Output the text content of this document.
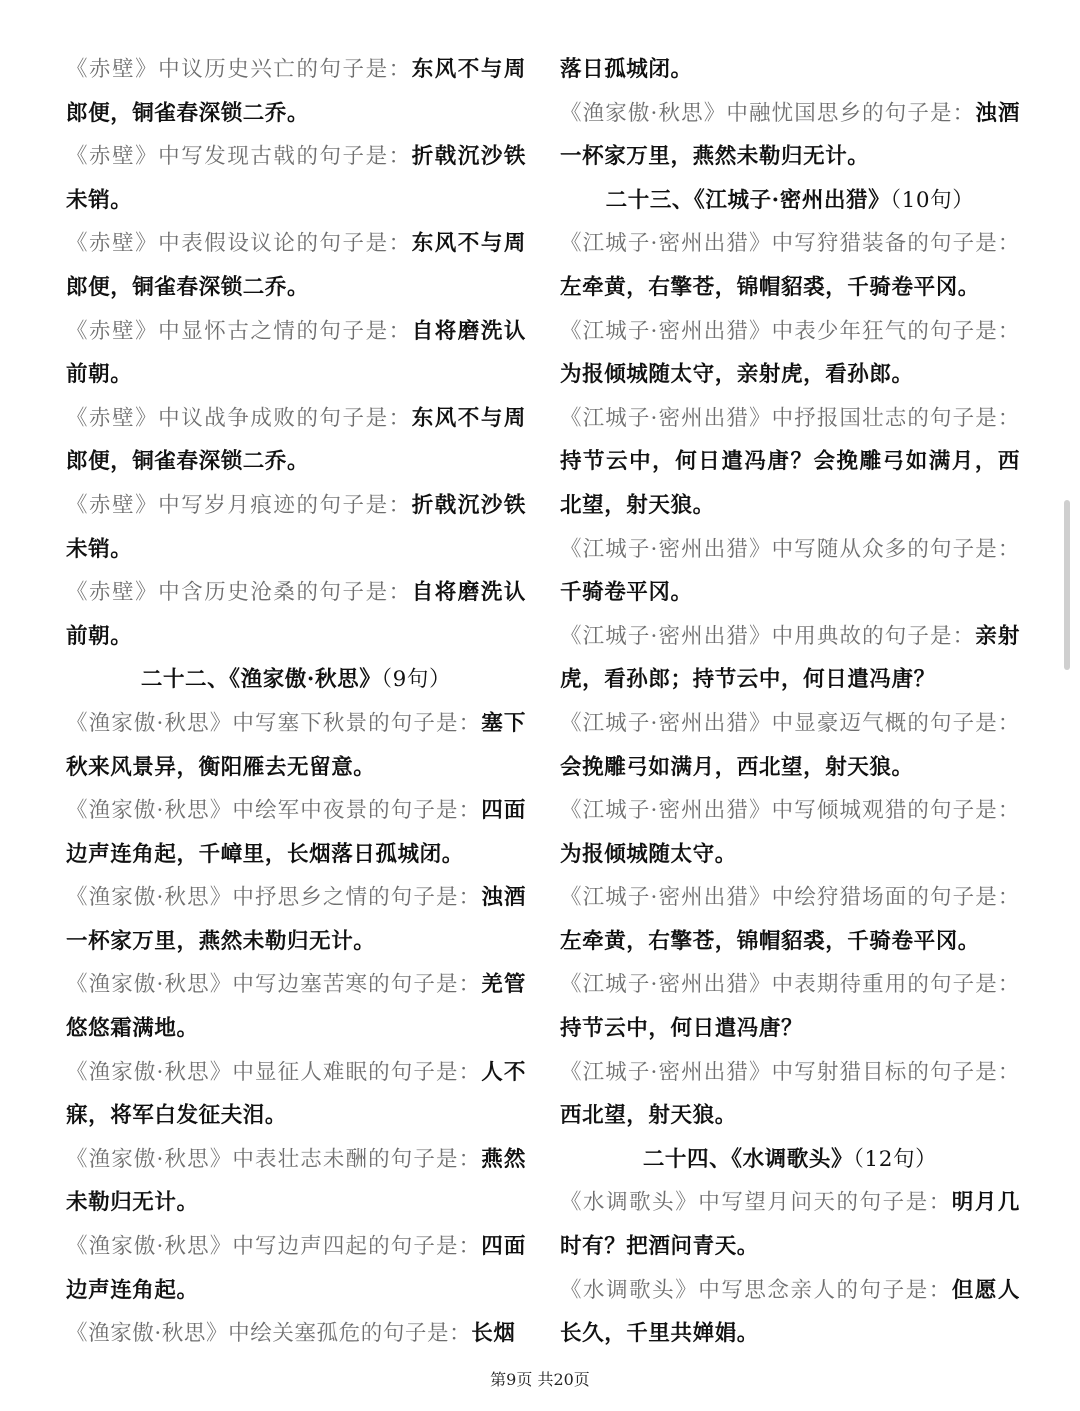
《赤壁》中议历史兴亡的句子是：东风不与周郎便，铜雀春深锁二乔。

《赤壁》中写发现古戟的句子是：折戟沉沙铁未销。

《赤壁》中表假设议论的句子是：东风不与周郎便，铜雀春深锁二乔。

《赤壁》中显怀古之情的句子是：自将磨洗认前朝。

《赤壁》中议战争成败的句子是：东风不与周郎便，铜雀春深锁二乔。

《赤壁》中写岁月痕迹的句子是：折戟沉沙铁未销。

《赤壁》中含历史沧桑的句子是：自将磨洗认前朝。

二十二、《渔家傲·秋思》（9句）

《渔家傲·秋思》中写塞下秋景的句子是：塞下秋来风景异，衡阳雁去无留意。

《渔家傲·秋思》中绘军中夜景的句子是：四面边声连角起，千嶂里，长烟落日孤城闭。

《渔家傲·秋思》中抒思乡之情的句子是：浊酒一杯家万里，燕然未勒归无计。

《渔家傲·秋思》中写边塞苦寒的句子是：羌管悠悠霜满地。

《渔家傲·秋思》中显征人难眠的句子是：人不寐，将军白发征夫泪。

《渔家傲·秋思》中表壮志未酬的句子是：燕然未勒归无计。

《渔家傲·秋思》中写边声四起的句子是：四面边声连角起。

《渔家傲·秋思》中绘关塞孤危的句子是：长烟

落日孤城闭。

《渔家傲·秋思》中融忧国思乡的句子是：浊酒一杯家万里，燕然未勒归无计。

二十三、《江城子·密州出猎》（10句）

《江城子·密州出猎》中写狩猎装备的句子是：左牵黄，右擎苍，锦帽貂裘，千骑卷平冈。

《江城子·密州出猎》中表少年狂气的句子是：为报倾城随太守，亲射虎，看孙郎。

《江城子·密州出猎》中抒报国壮志的句子是：持节云中，何日遣冯唐？会挽雕弓如满月，西北望，射天狼。

《江城子·密州出猎》中写随从众多的句子是：千骑卷平冈。

《江城子·密州出猎》中用典故的句子是：亲射虎，看孙郎；持节云中，何日遣冯唐？

《江城子·密州出猎》中显豪迈气概的句子是：会挽雕弓如满月，西北望，射天狼。

《江城子·密州出猎》中写倾城观猎的句子是：为报倾城随太守。

《江城子·密州出猎》中绘狩猎场面的句子是：左牵黄，右擎苍，锦帽貂裘，千骑卷平冈。

《江城子·密州出猎》中表期待重用的句子是：持节云中，何日遣冯唐？

《江城子·密州出猎》中写射猎目标的句子是：西北望，射天狼。

二十四、《水调歌头》（12句）

《水调歌头》中写望月问天的句子是：明月几时有？把酒问青天。

《水调歌头》中写思念亲人的句子是：但愿人长久，千里共婵娟。

第9页 共20页
